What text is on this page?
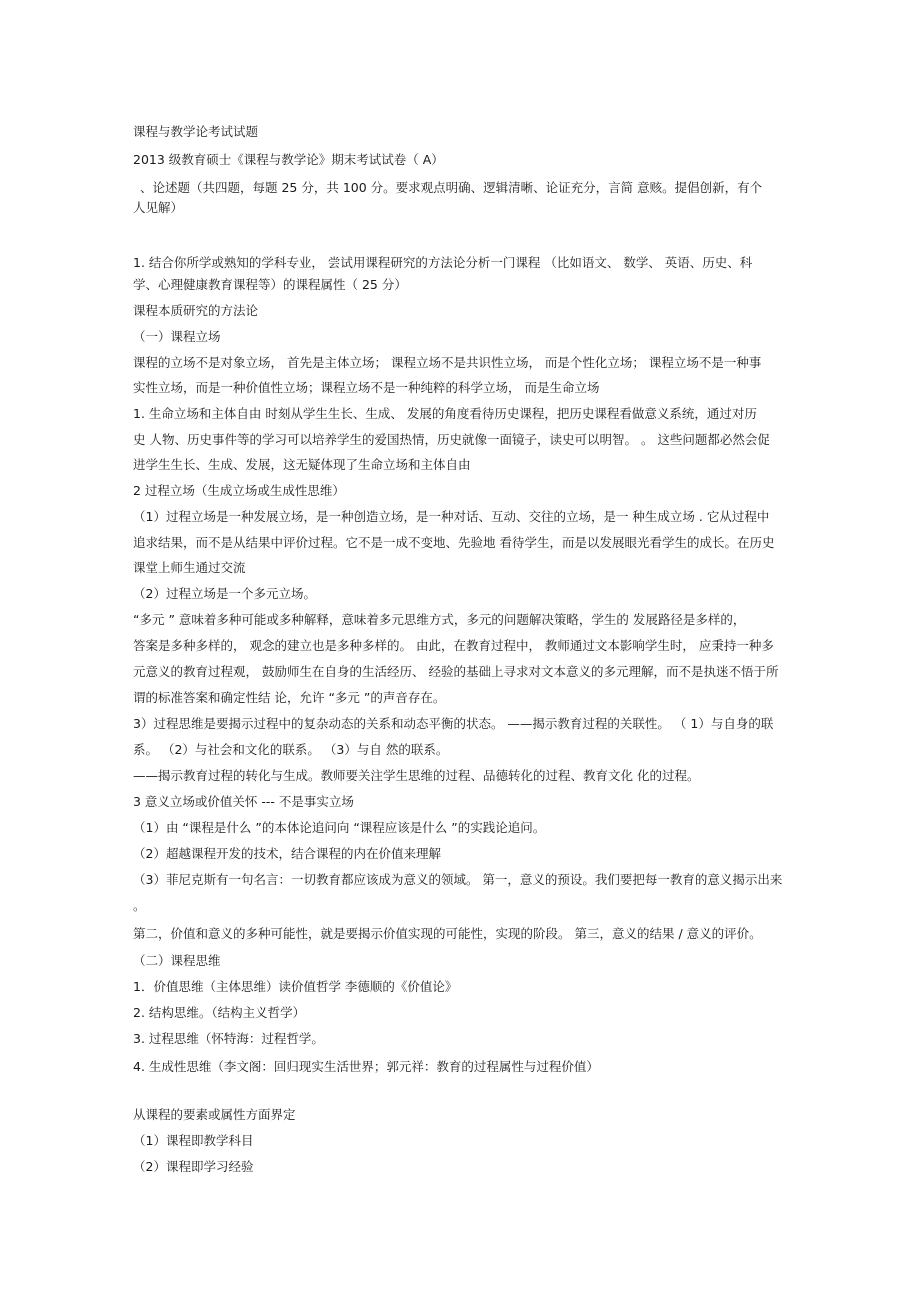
课程与教学论考试试题

2013 级教育硕士《课程与教学论》期末考试试卷（ A）

、论述题（共四题，每题 25 分，共 100 分。要求观点明确、逻辑清晰、论证充分，言简 意赅。提倡创新，有个

人见解）

1. 结合你所学或熟知的学科专业， 尝试用课程研究的方法论分析一门课程 （比如语文、 数学、 英语、历史、科

学、心理健康教育课程等）的课程属性（ 25 分）

课程本质研究的方法论

（一）课程立场

课程的立场不是对象立场， 首先是主体立场； 课程立场不是共识性立场， 而是个性化立场； 课程立场不是一种事

实性立场，而是一种价值性立场；课程立场不是一种纯粹的科学立场， 而是生命立场

1. 生命立场和主体自由 时刻从学生生长、生成、 发展的角度看待历史课程，把历史课程看做意义系统，通过对历

史 人物、历史事件等的学习可以培养学生的爱国热情，历史就像一面镜子，读史可以明智。 。 这些问题都必然会促

进学生生长、生成、发展，这无疑体现了生命立场和主体自由

2 过程立场（生成立场或生成性思维）

（1）过程立场是一种发展立场，是一种创造立场，是一种对话、互动、交往的立场，是一 种生成立场 . 它从过程中

追求结果，而不是从结果中评价过程。它不是一成不变地、先验地 看待学生，而是以发展眼光看学生的成长。在历史

课堂上师生通过交流

（2）过程立场是一个多元立场。

“多元 ” 意味着多种可能或多种解释，意味着多元思维方式，多元的问题解决策略，学生的 发展路径是多样的，

答案是多种多样的， 观念的建立也是多种多样的。 由此，在教育过程中， 教师通过文本影响学生时， 应秉持一种多

元意义的教育过程观， 鼓励师生在自身的生活经历、 经验的基础上寻求对文本意义的多元理解，而不是执迷不悟于所

谓的标准答案和确定性结 论，允许 “多元 ”的声音存在。

3）过程思维是要揭示过程中的复杂动态的关系和动态平衡的状态。 ——揭示教育过程的关联性。 （ 1）与自身的联

系。 （2）与社会和文化的联系。 （3）与自 然的联系。

——揭示教育过程的转化与生成。教师要关注学生思维的过程、品德转化的过程、教育文化 化的过程。

3 意义立场或价值关怀 --- 不是事实立场

（1）由 “课程是什么 ”的本体论追问向 “课程应该是什么 ”的实践论追问。

（2）超越课程开发的技术，结合课程的内在价值来理解

（3）菲尼克斯有一句名言：一切教育都应该成为意义的领域。 第一，意义的预设。我们要把每一教育的意义揭示出来

。

第二，价值和意义的多种可能性，就是要揭示价值实现的可能性，实现的阶段。 第三，意义的结果 / 意义的评价。

（二）课程思维

1．价值思维（主体思维）读价值哲学 李德顺的《价值论》

2. 结构思维。（结构主义哲学）

3. 过程思维（怀特海：过程哲学。

4. 生成性思维（李文阁：回归现实生活世界；郭元祥：教育的过程属性与过程价值）

从课程的要素或属性方面界定

（1）课程即教学科目

（2）课程即学习经验
